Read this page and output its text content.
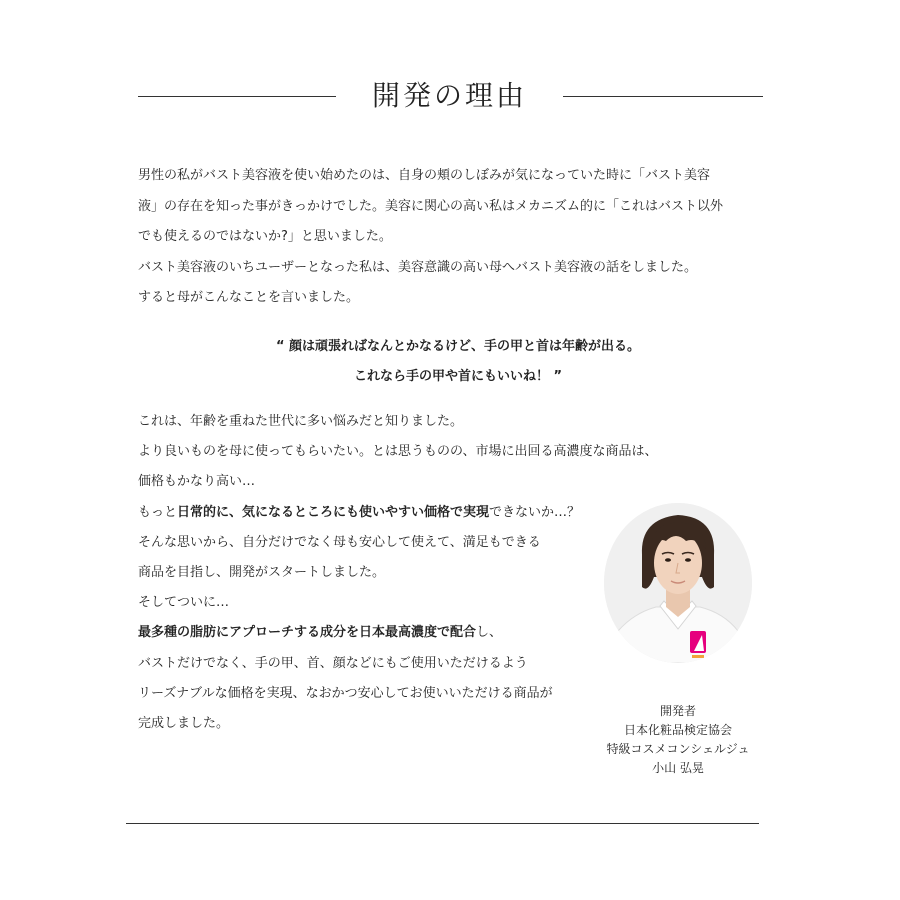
開発の理由

男性の私がバスト美容液を使い始めたのは、自身の頬のしぼみが気になっていた時に「バスト美容

液」の存在を知った事がきっかけでした。美容に関心の高い私はメカニズム的に「これはバスト以外

でも使えるのではないか?」と思いました。

バスト美容液のいちユーザーとなった私は、美容意識の高い母へバスト美容液の話をしました。

すると母がこんなことを言いました。

“ 顔は頑張ればなんとかなるけど、手の甲と首は年齢が出る。

これなら手の甲や首にもいいね！ ”

これは、年齢を重ねた世代に多い悩みだと知りました。

より良いものを母に使ってもらいたい。とは思うものの、市場に出回る高濃度な商品は、

価格もかなり高い…

もっと日常的に、気になるところにも使いやすい価格で実現できないか…？

そんな思いから、自分だけでなく母も安心して使えて、満足もできる

商品を目指し、開発がスタートしました。

そしてついに…

最多種の脂肪にアプローチする成分を日本最高濃度で配合し、

バストだけでなく、手の甲、首、顔などにもご使用いただけるよう

リーズナブルな価格を実現、なおかつ安心してお使いいただける商品が

完成しました。

開発者
日本化粧品検定協会
特級コスメコンシェルジュ
小山 弘晃
